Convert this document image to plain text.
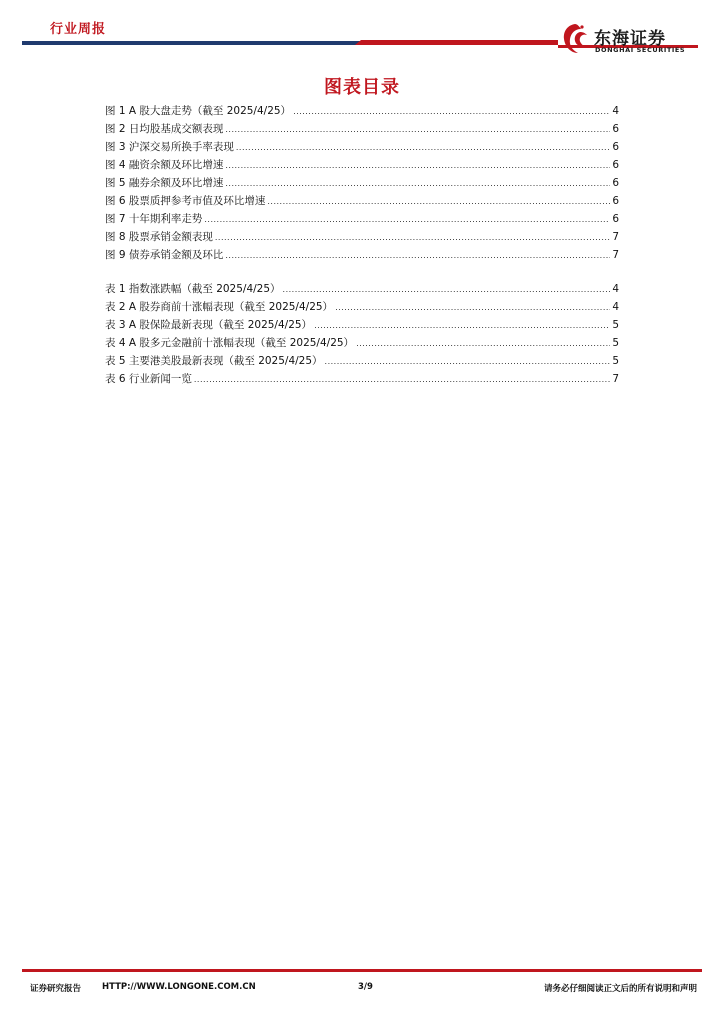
行业周报	东海证券
DONGHAI SECURITIES
图表目录
图 1 A 股大盘走势（截至 2025/4/25） .....	4
图 2 日均股基成交额表现 .....	6
图 3 沪深交易所换手率表现 .....	6
图 4 融资余额及环比增速 .....	6
图 5 融券余额及环比增速 .....	6
图 6 股票质押参考市值及环比增速 .....	6
图 7 十年期利率走势 .....	6
图 8 股票承销金额表现 .....	7
图 9 债券承销金额及环比 .....	7
表 1 指数涨跌幅（截至 2025/4/25） .....	4
表 2 A 股券商前十涨幅表现（截至 2025/4/25） .....	4
表 3 A 股保险最新表现（截至 2025/4/25） .....	5
表 4 A 股多元金融前十涨幅表现（截至 2025/4/25） .....	5
表 5 主要港美股最新表现（截至 2025/4/25） .....	5
表 6 行业新闻一览 .....	7
证券研究报告 HTTP://WWW.LONGONE.COM.CN	3/9	请务必仔细阅读正文后的所有说明和声明
